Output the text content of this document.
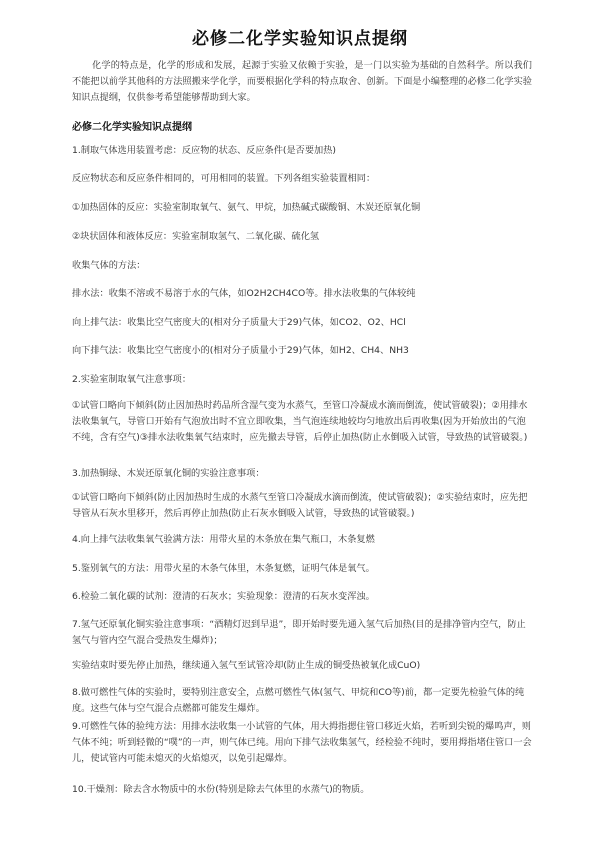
必修二化学实验知识点提纲

化学的特点是，化学的形成和发展，起源于实验又依赖于实验，是一门以实验为基础的自然科学。所以我们不能把以前学其他科的方法照搬来学化学，而要根据化学科的特点取舍、创新。下面是小编整理的必修二化学实验知识点提纲，仅供参考希望能够帮助到大家。

必修二化学实验知识点提纲

1.制取气体选用装置考虑：反应物的状态、反应条件(是否要加热)

反应物状态和反应条件相同的，可用相同的装置。下列各组实验装置相同：

①加热固体的反应：实验室制取氧气、氨气、甲烷，加热碱式碳酸铜、木炭还原氧化铜

②块状固体和液体反应：实验室制取氢气、二氧化碳、硫化氢

收集气体的方法：

排水法：收集不溶或不易溶于水的气体，如O2H2CH4CO等。排水法收集的气体较纯

向上排气法：收集比空气密度大的(相对分子质量大于29)气体，如CO2、O2、HCl

向下排气法：收集比空气密度小的(相对分子质量小于29)气体，如H2、CH4、NH3

2.实验室制取氧气注意事项：

①试管口略向下倾斜(防止因加热时药品所含湿气变为水蒸气，至管口冷凝成水滴而倒流，使试管破裂)；②用排水法收集氧气，导管口开始有气泡放出时不宜立即收集，当气泡连续地较均匀地放出后再收集(因为开始放出的气泡不纯，含有空气)③排水法收集氧气结束时，应先撤去导管，后停止加热(防止水倒吸入试管，导致热的试管破裂。)

3.加热铜绿、木炭还原氧化铜的实验注意事项：

①试管口略向下倾斜(防止因加热时生成的水蒸气至管口冷凝成水滴而倒流，使试管破裂)；②实验结束时，应先把导管从石灰水里移开，然后再停止加热(防止石灰水倒吸入试管，导致热的试管破裂。)

4.向上排气法收集氧气验满方法：用带火星的木条放在集气瓶口，木条复燃

5.鉴别氧气的方法：用带火星的木条气体里，木条复燃，证明气体是氧气。

6.检验二氧化碳的试剂：澄清的石灰水；实验现象：澄清的石灰水变浑浊。

7.氢气还原氧化铜实验注意事项：“酒精灯迟到早退”，即开始时要先通入氢气后加热(目的是排净管内空气，防止氢气与管内空气混合受热发生爆炸)；

实验结束时要先停止加热，继续通入氢气至试管冷却(防止生成的铜受热被氧化成CuO)

8.做可燃性气体的实验时，要特别注意安全，点燃可燃性气体(氢气、甲烷和CO等)前，都一定要先检验气体的纯度。这些气体与空气混合点燃都可能发生爆炸。

9.可燃性气体的验纯方法：用排水法收集一小试管的气体，用大拇指摁住管口移近火焰，若听到尖锐的爆鸣声，则气体不纯；听到轻微的“噗”的一声，则气体已纯。用向下排气法收集氢气，经检验不纯时，要用拇指堵住管口一会儿，使试管内可能未熄灭的火焰熄灭，以免引起爆炸。

10.干燥剂：除去含水物质中的水份(特别是除去气体里的水蒸气)的物质。
